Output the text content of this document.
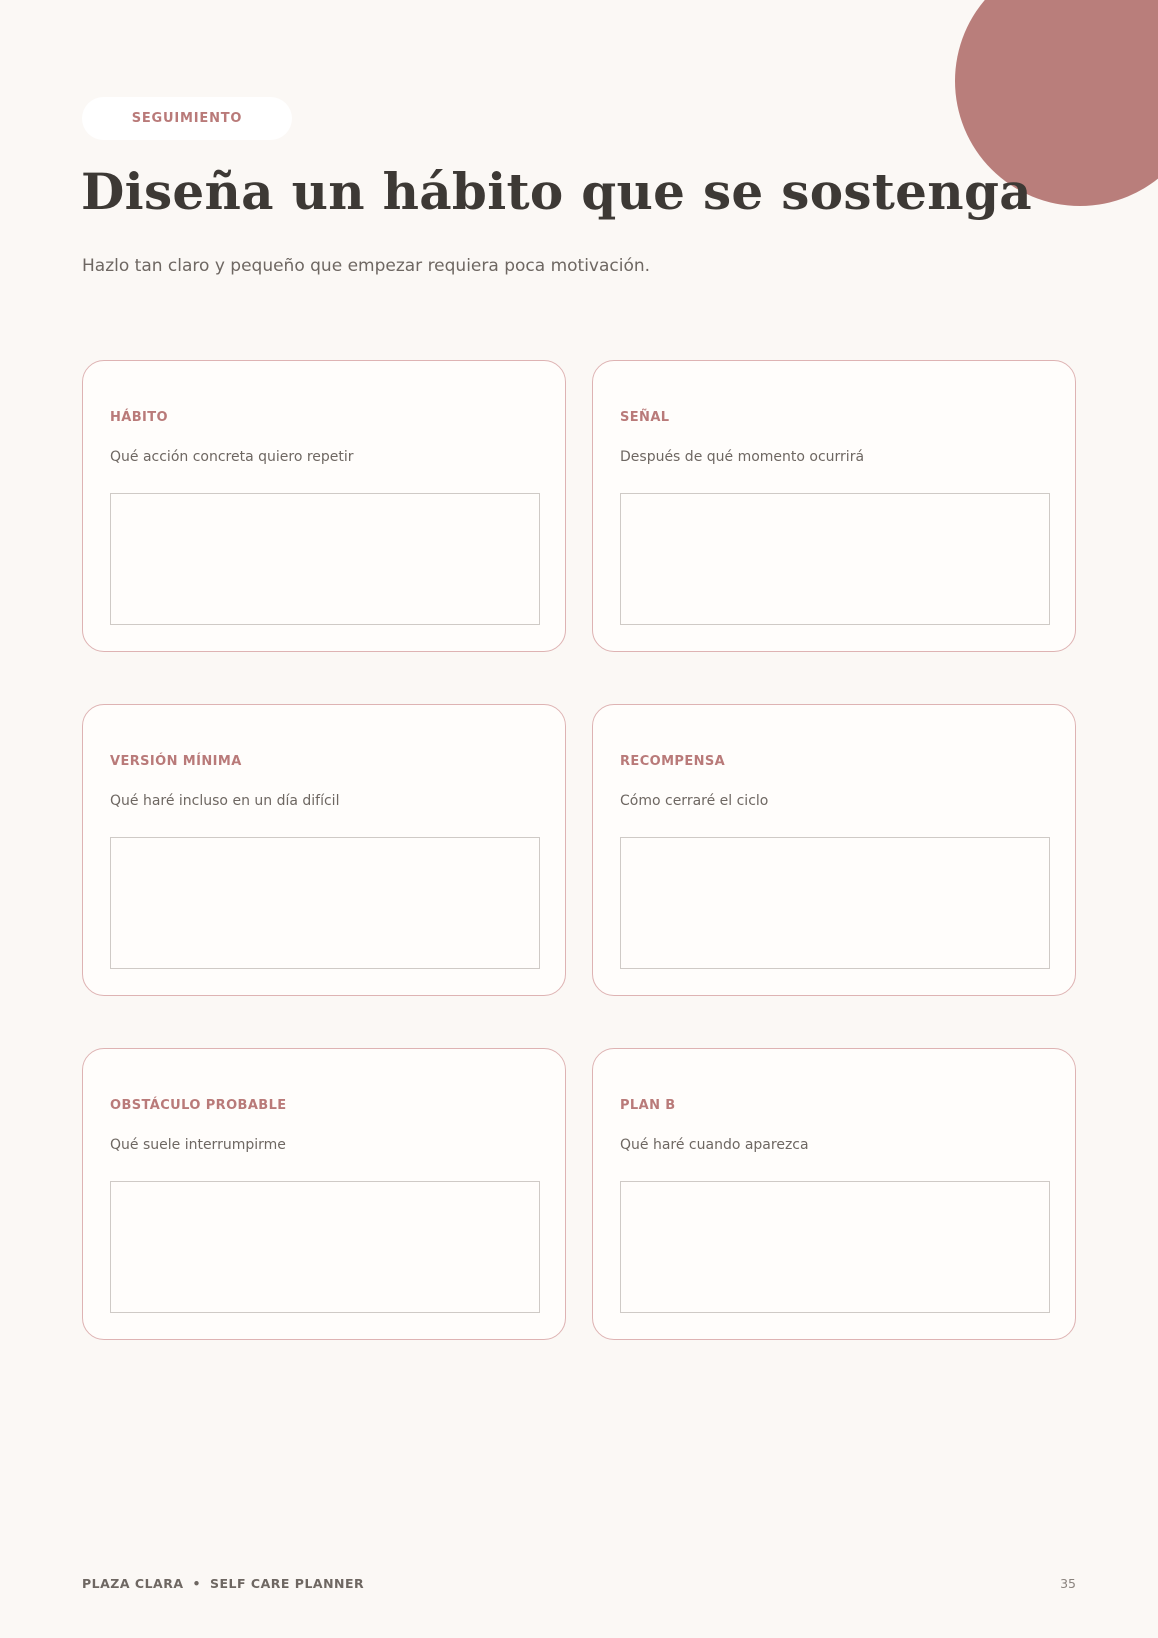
SEGUIMIENTO
Diseña un hábito que se sostenga

Hazlo tan claro y pequeño que empezar requiera poca motivación.

HÁBITO
Qué acción concreta quiero repetir
SEÑAL
Después de qué momento ocurrirá
VERSIÓN MÍNIMA
Qué haré incluso en un día difícil
RECOMPENSA
Cómo cerraré el ciclo
OBSTÁCULO PROBABLE
Qué suele interrumpirme
PLAN B
Qué haré cuando aparezca
PLAZA CLARA • SELF CARE PLANNER	35
